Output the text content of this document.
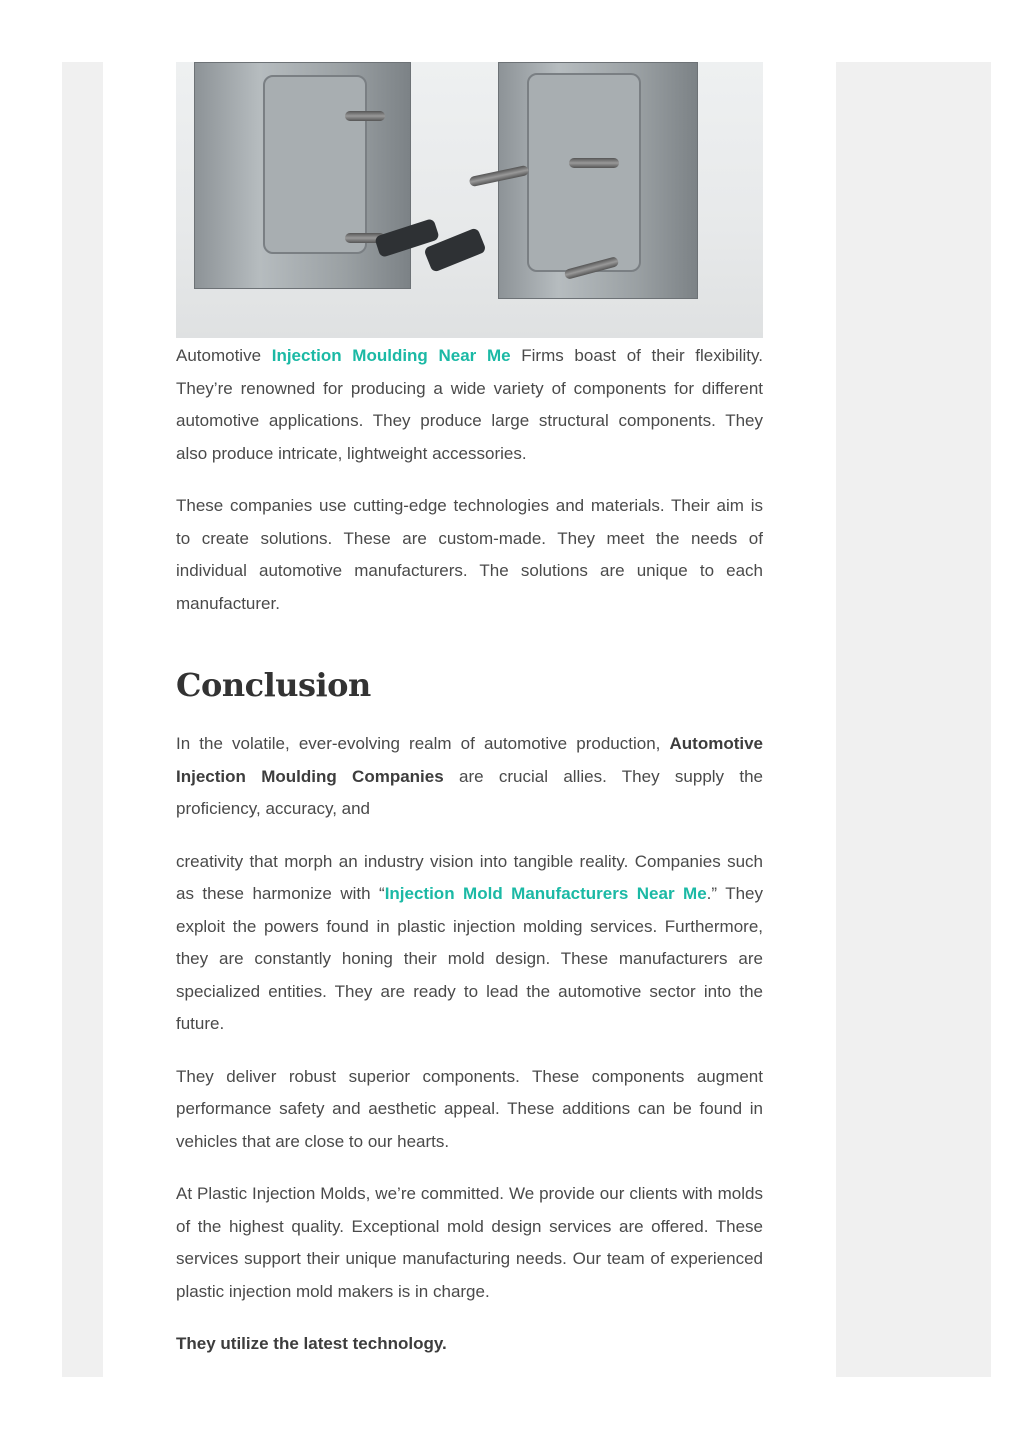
Automotive Injection Moulding Near Me Firms boast of their flexibility. They’re renowned for producing a wide variety of components for different automotive applications. They produce large structural components. They also produce intricate, lightweight accessories.

These companies use cutting-edge technologies and materials. Their aim is to create solutions. These are custom-made. They meet the needs of individual automotive manufacturers. The solutions are unique to each manufacturer.

Conclusion

In the volatile, ever-evolving realm of automotive production, Automotive Injection Moulding Companies are crucial allies. They supply the proficiency, accuracy, and

creativity that morph an industry vision into tangible reality. Companies such as these harmonize with “Injection Mold Manufacturers Near Me.” They exploit the powers found in plastic injection molding services. Furthermore, they are constantly honing their mold design. These manufacturers are specialized entities. They are ready to lead the automotive sector into the future.

They deliver robust superior components. These components augment performance safety and aesthetic appeal. These additions can be found in vehicles that are close to our hearts.

At Plastic Injection Molds, we’re committed. We provide our clients with molds of the highest quality. Exceptional mold design services are offered. These services support their unique manufacturing needs. Our team of experienced plastic injection mold makers is in charge.

They utilize the latest technology.
